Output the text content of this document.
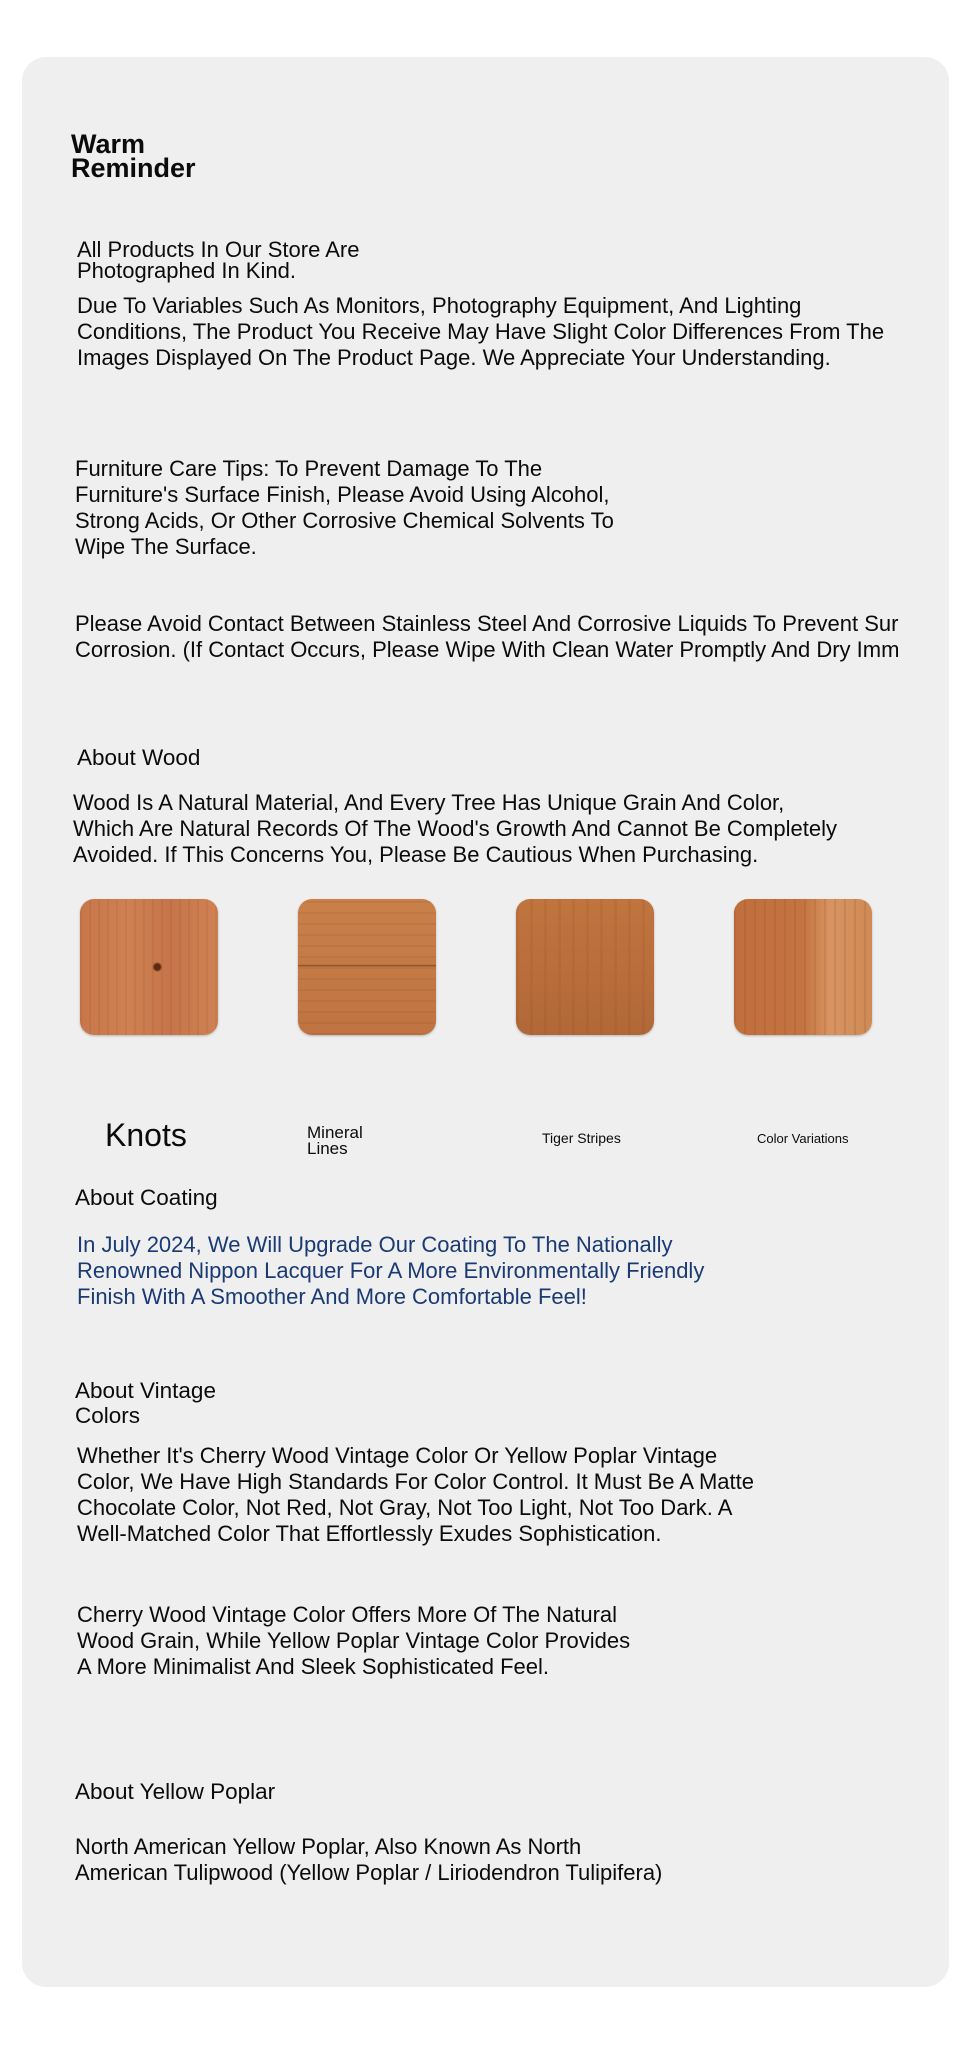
Warm
Reminder
All Products In Our Store Are
Photographed In Kind.
Due To Variables Such As Monitors, Photography Equipment, And Lighting
Conditions, The Product You Receive May Have Slight Color Differences From The
Images Displayed On The Product Page. We Appreciate Your Understanding.
Furniture Care Tips: To Prevent Damage To The
Furniture's Surface Finish, Please Avoid Using Alcohol,
Strong Acids, Or Other Corrosive Chemical Solvents To
Wipe The Surface.
Please Avoid Contact Between Stainless Steel And Corrosive Liquids To Prevent Sur
Corrosion. (If Contact Occurs, Please Wipe With Clean Water Promptly And Dry Imm
About Wood
Wood Is A Natural Material, And Every Tree Has Unique Grain And Color,
Which Are Natural Records Of The Wood's Growth And Cannot Be Completely
Avoided. If This Concerns You, Please Be Cautious When Purchasing.
Knots	Mineral
Lines
Tiger Stripes	Color Variations
About Coating
In July 2024, We Will Upgrade Our Coating To The Nationally
Renowned Nippon Lacquer For A More Environmentally Friendly
Finish With A Smoother And More Comfortable Feel!
About Vintage
Colors
Whether It's Cherry Wood Vintage Color Or Yellow Poplar Vintage
Color, We Have High Standards For Color Control. It Must Be A Matte
Chocolate Color, Not Red, Not Gray, Not Too Light, Not Too Dark. A
Well-Matched Color That Effortlessly Exudes Sophistication.
Cherry Wood Vintage Color Offers More Of The Natural
Wood Grain, While Yellow Poplar Vintage Color Provides
A More Minimalist And Sleek Sophisticated Feel.
About Yellow Poplar
North American Yellow Poplar, Also Known As North
American Tulipwood (Yellow Poplar / Liriodendron Tulipifera)
